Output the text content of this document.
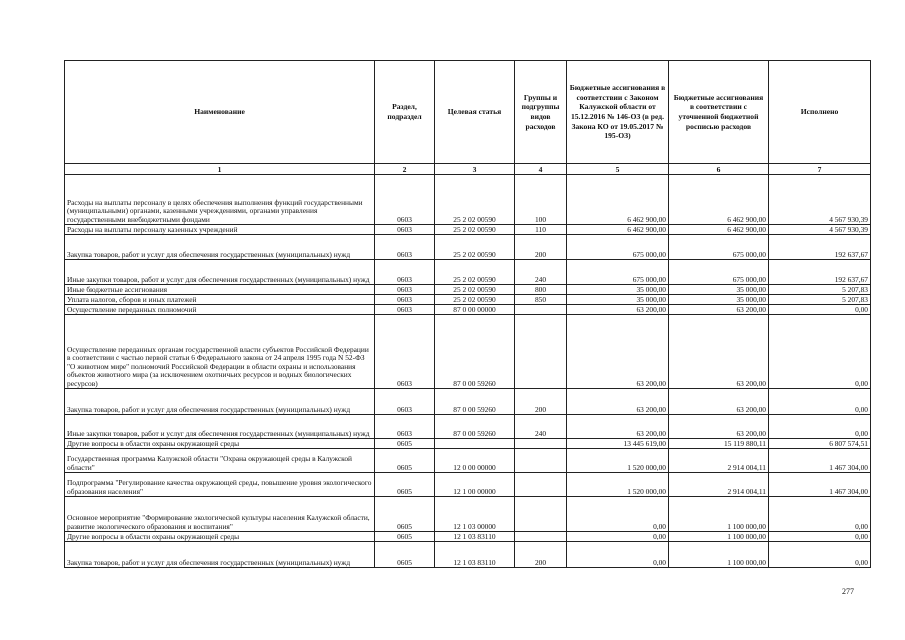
Наименование	Раздел, подраздел	Целевая статья	Группы и подгруппы видов расходов	Бюджетные ассигнования в соответствии с Законом Калужской области от 15.12.2016 № 146-ОЗ (в ред. Закона КО от 19.05.2017 № 195-ОЗ)	Бюджетные ассигнования в соответствии с уточненной бюджетной росписью расходов	Исполнено
1	2	3	4	5	6	7
Расходы на выплаты персоналу в целях обеспечения выполнения функций государственными (муниципальными) органами, казенными учреждениями, органами управления государственными внебюджетными фондами	0603	25 2 02 00590	100	6 462 900,00	6 462 900,00	4 567 930,39
Расходы на выплаты персоналу казенных учреждений	0603	25 2 02 00590	110	6 462 900,00	6 462 900,00	4 567 930,39
Закупка товаров, работ и услуг для обеспечения государственных (муниципальных) нужд	0603	25 2 02 00590	200	675 000,00	675 000,00	192 637,67
Иные закупки товаров, работ и услуг для обеспечения государственных (муниципальных) нужд	0603	25 2 02 00590	240	675 000,00	675 000,00	192 637,67
Иные бюджетные ассигнования	0603	25 2 02 00590	800	35 000,00	35 000,00	5 207,83
Уплата налогов, сборов и иных платежей	0603	25 2 02 00590	850	35 000,00	35 000,00	5 207,83
Осуществление переданных полномочий	0603	87 0 00 00000		63 200,00	63 200,00	0,00
Осуществление переданных органам государственной власти субъектов Российской Федерации в соответствии с частью первой статьи 6 Федерального закона от 24 апреля 1995 года N 52-ФЗ "О животном мире" полномочий Российской Федерации в области охраны и использования объектов животного мира (за исключением охотничьих ресурсов и водных биологических ресурсов)	0603	87 0 00 59260		63 200,00	63 200,00	0,00
Закупка товаров, работ и услуг для обеспечения государственных (муниципальных) нужд	0603	87 0 00 59260	200	63 200,00	63 200,00	0,00
Иные закупки товаров, работ и услуг для обеспечения государственных (муниципальных) нужд	0603	87 0 00 59260	240	63 200,00	63 200,00	0,00
Другие вопросы в области охраны окружающей среды	0605			13 445 619,00	15 119 880,11	6 807 574,51
Государственная программа Калужской области "Охрана окружающей среды в Калужской области"	0605	12 0 00 00000		1 520 000,00	2 914 004,11	1 467 304,00
Подпрограмма "Регулирование качества окружающей среды, повышение уровня экологического образования населения"	0605	12 1 00 00000		1 520 000,00	2 914 004,11	1 467 304,00
Основное мероприятие "Формирование экологической культуры населения Калужской области, развитие экологического образования и воспитания"	0605	12 1 03 00000		0,00	1 100 000,00	0,00
Другие вопросы в области охраны окружающей среды	0605	12 1 03 83110		0,00	1 100 000,00	0,00
Закупка товаров, работ и услуг для обеспечения государственных (муниципальных) нужд	0605	12 1 03 83110	200	0,00	1 100 000,00	0,00
277
